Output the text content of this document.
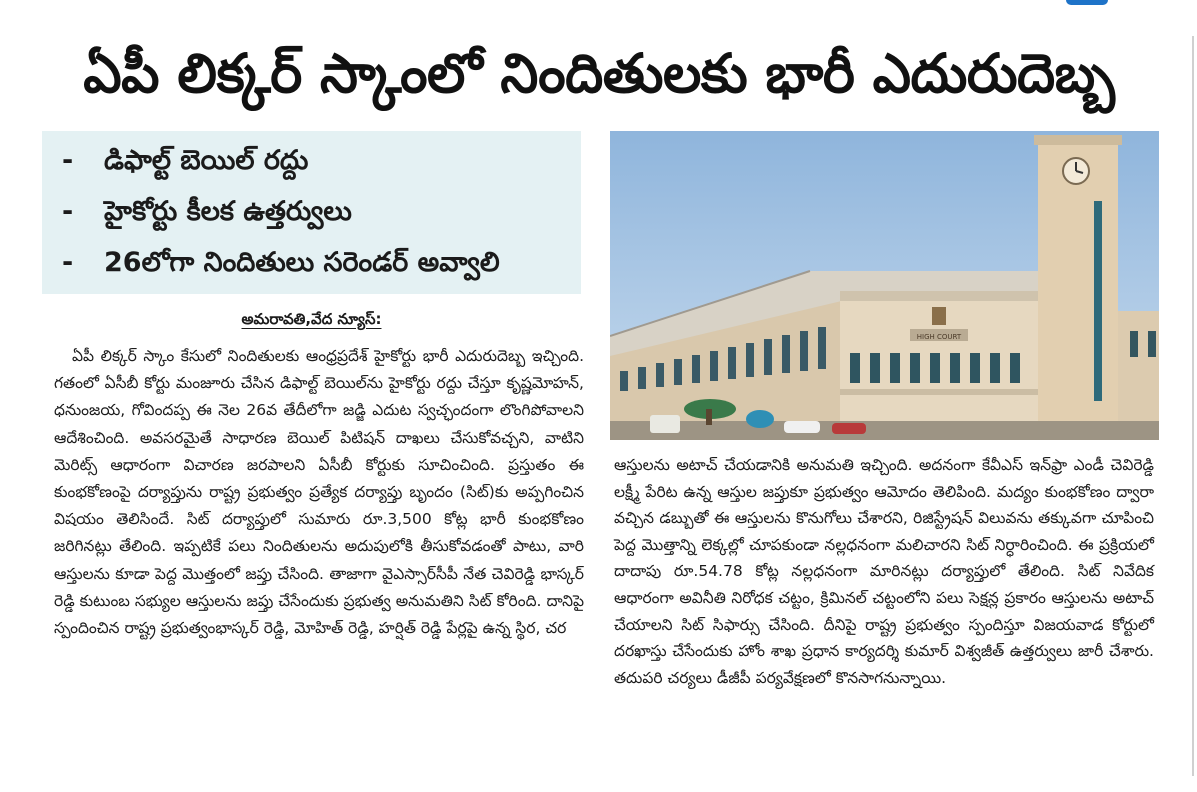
ఏపీ లిక్కర్ స్కాంలో నిందితులకు భారీ ఎదురుదెబ్బ
-	డిఫాల్ట్ బెయిల్ రద్దు
-	హైకోర్టు కీలక ఉత్తర్వులు
-	26లోగా నిందితులు సరెండర్ అవ్వాలి
అమరావతి,వేద న్యూస్:

ఏపీ లిక్కర్ స్కాం కేసులో నిందితులకు ఆంధ్రప్రదేశ్ హైకోర్టు భారీ ఎదురుదెబ్బ ఇచ్చింది. గతంలో ఏసీబీ కోర్టు మంజూరు చేసిన డిఫాల్ట్ బెయిల్‌ను హైకోర్టు రద్దు చేస్తూ కృష్ణమోహన్, ధనుంజయ, గోవిందప్ప ఈ నెల 26వ తేదీలోగా జడ్జి ఎదుట స్వచ్ఛందంగా లొంగిపోవాలని ఆదేశించింది. అవసరమైతే సాధారణ బెయిల్ పిటిషన్ దాఖలు చేసుకోవచ్చని, వాటిని మెరిట్స్ ఆధారంగా విచారణ జరపాలని ఏసీబీ కోర్టుకు సూచించింది. ప్రస్తుతం ఈ కుంభకోణంపై దర్యాప్తును రాష్ట్ర ప్రభుత్వం ప్రత్యేక దర్యాప్తు బృందం (సిట్)కు అప్పగించిన విషయం తెలిసిందే. సిట్ దర్యాప్తులో సుమారు రూ.3,500 కోట్ల భారీ కుంభకోణం జరిగినట్లు తేలింది. ఇప్పటికే పలు నిందితులను అదుపులోకి తీసుకోవడంతో పాటు, వారి ఆస్తులను కూడా పెద్ద మొత్తంలో జప్తు చేసింది. తాజాగా వైఎస్సార్‌సీపీ నేత చెవిరెడ్డి భాస్కర్ రెడ్డి కుటుంబ సభ్యుల ఆస్తులను జప్తు చేసేందుకు ప్రభుత్వ అనుమతిని సిట్ కోరింది. దానిపై స్పందించిన రాష్ట్ర ప్రభుత్వంభాస్కర్ రెడ్డి, మోహిత్ రెడ్డి, హర్షిత్ రెడ్డి పేర్లపై ఉన్న స్థిర, చర

HIGH COURT

ఆస్తులను అటాచ్ చేయడానికి అనుమతి ఇచ్చింది. అదనంగా కేవీఎస్ ఇన్‌ఫ్రా ఎండీ చెవిరెడ్డి లక్ష్మీ పేరిట ఉన్న ఆస్తుల జప్తుకూ ప్రభుత్వం ఆమోదం తెలిపింది. మద్యం కుంభకోణం ద్వారా వచ్చిన డబ్బుతో ఈ ఆస్తులను కొనుగోలు చేశారని, రిజిస్ట్రేషన్ విలువను తక్కువగా చూపించి పెద్ద మొత్తాన్ని లెక్కల్లో చూపకుండా నల్లధనంగా మలిచారని సిట్ నిర్ధారించింది. ఈ ప్రక్రియలో దాదాపు రూ.54.78 కోట్ల నల్లధనంగా మారినట్లు దర్యాప్తులో తేలింది. సిట్ నివేదిక ఆధారంగా అవినీతి నిరోధక చట్టం, క్రిమినల్ చట్టంలోని పలు సెక్షన్ల ప్రకారం ఆస్తులను అటాచ్ చేయాలని సిట్ సిఫార్సు చేసింది. దీనిపై రాష్ట్ర ప్రభుత్వం స్పందిస్తూ విజయవాడ కోర్టులో దరఖాస్తు చేసేందుకు హోం శాఖ ప్రధాన కార్యదర్శి కుమార్ విశ్వజీత్ ఉత్తర్వులు జారీ చేశారు. తదుపరి చర్యలు డీజీపీ పర్యవేక్షణలో కొనసాగనున్నాయి.
